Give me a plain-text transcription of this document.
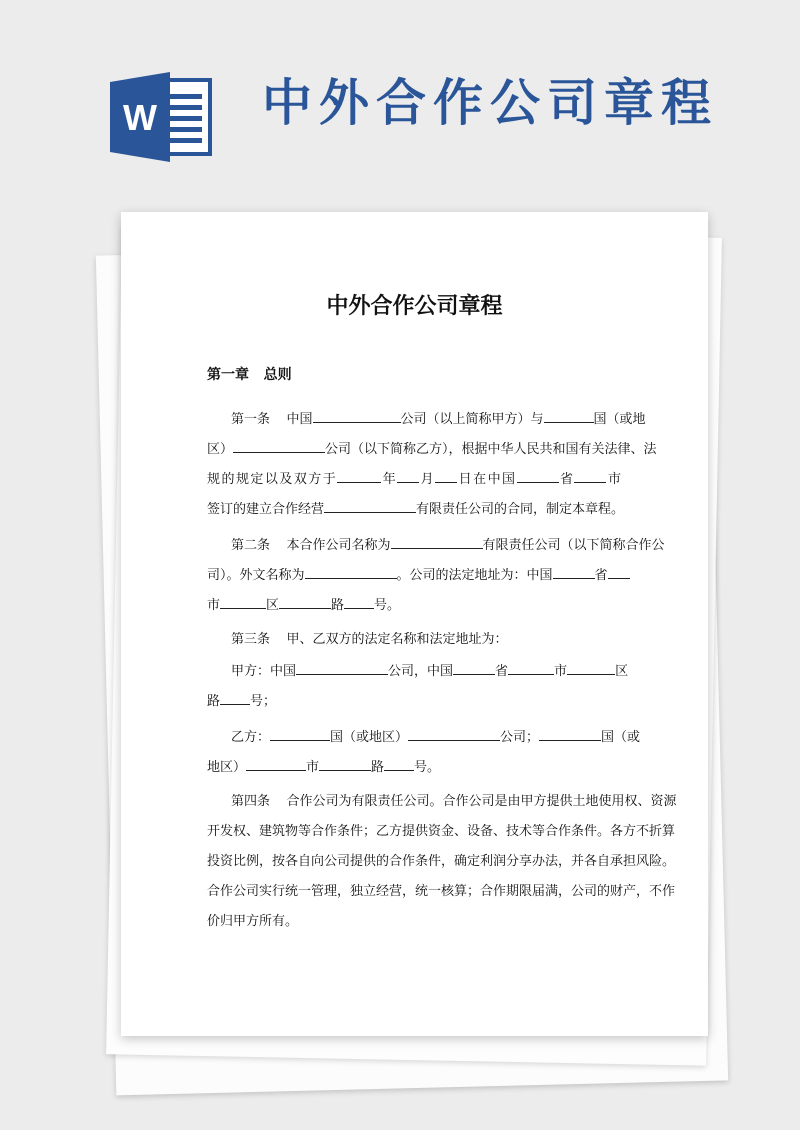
W 中外合作公司章程
中外合作公司章程
第一章   总则
第一条    中国	公司（以上简称甲方）与	国（或地
区）	公司（以下简称乙方），根据中华人民共和国有关法律、法
规的规定以及双方于	年 月 日在中国	省 市
签订的建立合作经营	有限责任公司的合同，制定本章程。
第二条    本合作公司名称为	有限责任公司（以下简称合作公
司）。外文名称为	。公司的法定地址为：中国	省
市	区	路 号。
第三条    甲、乙双方的法定名称和法定地址为：
甲方：中国	公司，中国	省	市	区
路 号；
乙方：	国（或地区）	公司；	国（或
地区）	市	路 号。
第四条    合作公司为有限责任公司。合作公司是由甲方提供土地使用权、资源
开发权、建筑物等合作条件；乙方提供资金、设备、技术等合作条件。各方不折算
投资比例，按各自向公司提供的合作条件，确定利润分享办法，并各自承担风险。
合作公司实行统一管理，独立经营，统一核算；合作期限届满，公司的财产，不作
价归甲方所有。
